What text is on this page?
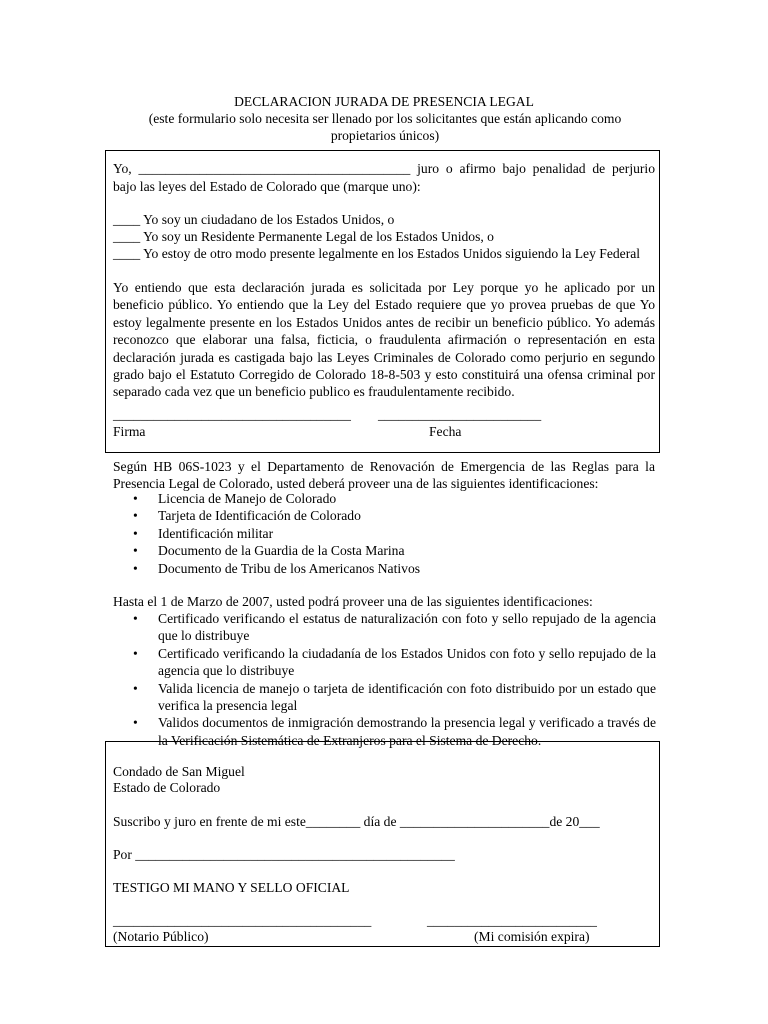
DECLARACION JURADA DE PRESENCIA LEGAL
(este formulario solo necesita ser llenado por los solicitantes que están aplicando como propietarios únicos)
Yo, ________________________________________ juro o afirmo bajo penalidad de perjurio
bajo las leyes del Estado de Colorado que (marque uno):
____ Yo soy un ciudadano de los Estados Unidos, o
____ Yo soy un Residente Permanente Legal de los Estados Unidos, o
____ Yo estoy de otro modo presente legalmente en los Estados Unidos siguiendo la Ley Federal
Yo entiendo que esta declaración jurada es solicitada por Ley porque yo he aplicado por un beneficio público. Yo entiendo que la Ley del Estado requiere que yo provea pruebas de que Yo estoy legalmente presente en los Estados Unidos antes de recibir un beneficio público. Yo además reconozco que elaborar una falsa, ficticia, o fraudulenta afirmación o representación en esta declaración jurada es castigada bajo las Leyes Criminales de Colorado como perjurio en segundo grado bajo el Estatuto Corregido de Colorado 18-8-503 y esto constituirá una ofensa criminal por separado cada vez que un beneficio publico es fraudulentamente recibido.
___________________________________ ________________________
Firma	Fecha
Según HB 06S-1023 y el Departamento de Renovación de Emergencia de las Reglas para la Presencia Legal de Colorado, usted deberá proveer una de las siguientes identificaciones:
• Licencia de Manejo de Colorado
• Tarjeta de Identificación de Colorado
• Identificación militar
• Documento de la Guardia de la Costa Marina
• Documento de Tribu de los Americanos Nativos
Hasta el 1 de Marzo de 2007, usted podrá proveer una de las siguientes identificaciones:
• Certificado verificando el estatus de naturalización con foto y sello repujado de la agencia que lo distribuye
• Certificado verificando la ciudadanía de los Estados Unidos con foto y sello repujado de la agencia que lo distribuye
• Valida licencia de manejo o tarjeta de identificación con foto distribuido por un estado que verifica la presencia legal
• Validos documentos de inmigración demostrando la presencia legal y verificado a través de la Verificación Sistemática de Extranjeros para el Sistema de Derecho.
Condado de San Miguel
Estado de Colorado
Suscribo y juro en frente de mi este________ día de ______________________de 20___
Por _______________________________________________
TESTIGO MI MANO Y SELLO OFICIAL
______________________________________	_________________________
(Notario Público)	(Mi comisión expira)
